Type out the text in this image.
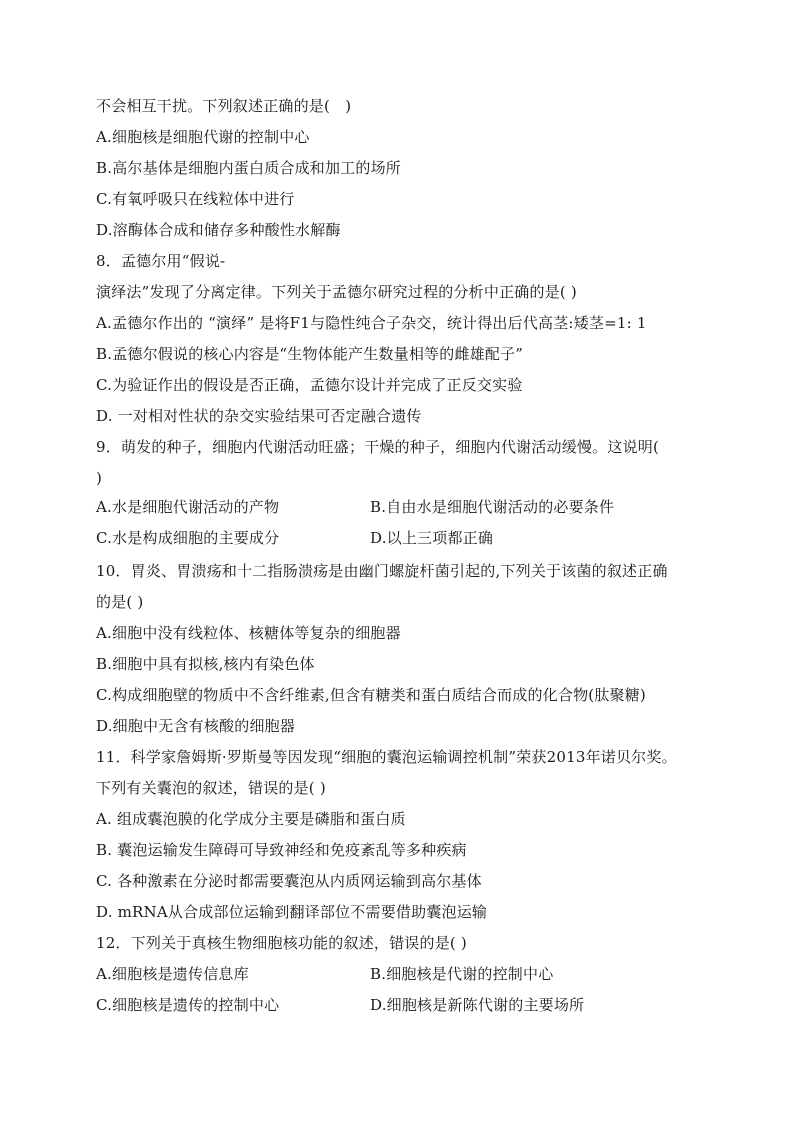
不会相互干扰。下列叙述正确的是(　)
A.细胞核是细胞代谢的控制中心
B.高尔基体是细胞内蛋白质合成和加工的场所
C.有氧呼吸只在线粒体中进行
D.溶酶体合成和储存多种酸性水解酶
8．孟德尔用“假说-
演绎法”发现了分离定律。下列关于孟德尔研究过程的分析中正确的是( )
A.孟德尔作出的 “演绎” 是将F1与隐性纯合子杂交，统计得出后代高茎:矮茎=1: 1
B.孟德尔假说的核心内容是“生物体能产生数量相等的雌雄配子”
C.为验证作出的假设是否正确，孟德尔设计并完成了正反交实验
D. 一对相对性状的杂交实验结果可否定融合遗传
9．萌发的种子，细胞内代谢活动旺盛；干燥的种子，细胞内代谢活动缓慢。这说明(
)
A.水是细胞代谢活动的产物	B.自由水是细胞代谢活动的必要条件
C.水是构成细胞的主要成分	D.以上三项都正确
10．胃炎、胃溃疡和十二指肠溃疡是由幽门螺旋杆菌引起的,下列关于该菌的叙述正确
的是( )
A.细胞中没有线粒体、核糖体等复杂的细胞器
B.细胞中具有拟核,核内有染色体
C.构成细胞壁的物质中不含纤维素,但含有糖类和蛋白质结合而成的化合物(肽聚糖)
D.细胞中无含有核酸的细胞器
11．科学家詹姆斯·罗斯曼等因发现“细胞的囊泡运输调控机制”荣获2013年诺贝尔奖。
下列有关囊泡的叙述，错误的是( )
A. 组成囊泡膜的化学成分主要是磷脂和蛋白质
B. 囊泡运输发生障碍可导致神经和免疫紊乱等多种疾病
C. 各种激素在分泌时都需要囊泡从内质网运输到高尔基体
D. mRNA从合成部位运输到翻译部位不需要借助囊泡运输
12．下列关于真核生物细胞核功能的叙述，错误的是( )
A.细胞核是遗传信息库	B.细胞核是代谢的控制中心
C.细胞核是遗传的控制中心	D.细胞核是新陈代谢的主要场所
